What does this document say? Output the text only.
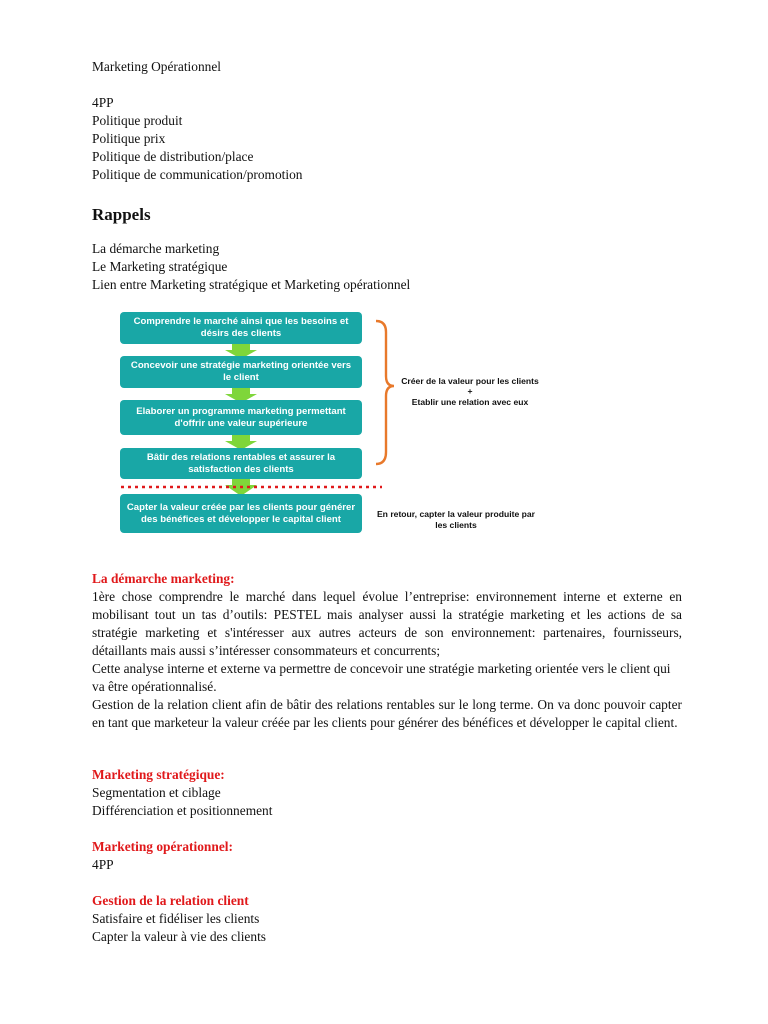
Marketing Opérationnel

4PP

Politique produit

Politique prix

Politique de distribution/place

Politique de communication/promotion

Rappels

La démarche marketing

Le Marketing stratégique

Lien entre Marketing stratégique et Marketing opérationnel

Comprendre le marché ainsi que les besoins et désirs des clients
Concevoir une stratégie marketing orientée vers le client
Elaborer un programme marketing permettant d'offrir une valeur supérieure
Bâtir des relations rentables et assurer la satisfaction des clients
Capter la valeur créée par les clients pour générer des bénéfices et développer le capital client
Créer de la valeur pour les clients
+
Etablir une relation avec eux
En retour, capter la valeur produite par les clients

La démarche marketing:

1ère chose comprendre le marché dans lequel évolue l’entreprise: environnement interne et externe en mobilisant tout un tas d’outils: PESTEL mais analyser aussi la stratégie marketing et les actions de sa stratégie marketing et s'intéresser aux autres acteurs de son environnement: partenaires, fournisseurs, détaillants mais aussi s’intéresser consommateurs et concurrents;

Cette analyse interne et externe va permettre de concevoir une stratégie marketing orientée vers le client qui va être opérationnalisé.

Gestion de la relation client afin de bâtir des relations rentables sur le long terme. On va donc pouvoir capter en tant que marketeur la valeur créée par les clients pour générer des bénéfices et développer le capital client.

Marketing stratégique:

Segmentation et ciblage

Différenciation et positionnement

Marketing opérationnel:

4PP

Gestion de la relation client

Satisfaire et fidéliser les clients

Capter la valeur à vie des clients
